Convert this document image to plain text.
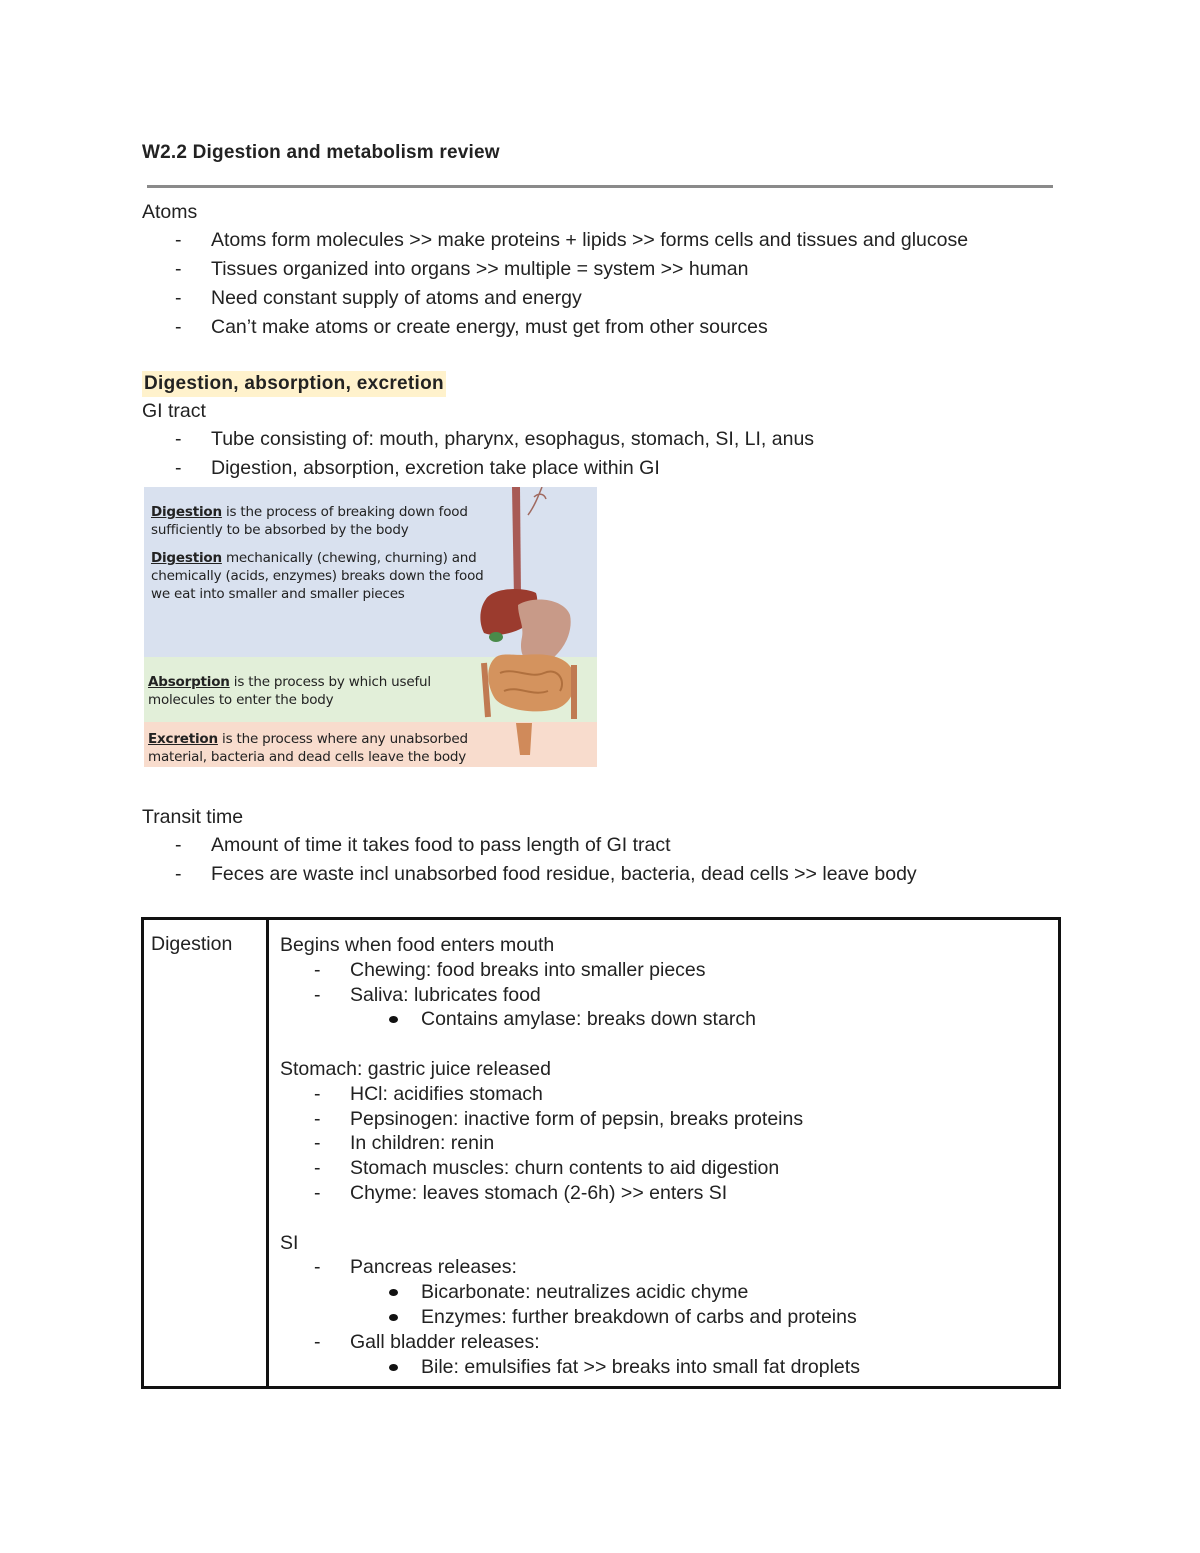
W2.2 Digestion and metabolism review
Atoms
- Atoms form molecules >> make proteins + lipids >> forms cells and tissues and glucose
- Tissues organized into organs >> multiple = system >> human
- Need constant supply of atoms and energy
- Can’t make atoms or create energy, must get from other sources
Digestion, absorption, excretion
GI tract
- Tube consisting of: mouth, pharynx, esophagus, stomach, SI, LI, anus
- Digestion, absorption, excretion take place within GI
Digestion is the process of breaking down food
sufficiently to be absorbed by the body
Digestion mechanically (chewing, churning) and
chemically (acids, enzymes) breaks down the food
we eat into smaller and smaller pieces
Absorption is the process by which useful
molecules to enter the body
Excretion is the process where any unabsorbed
material, bacteria and dead cells leave the body
Transit time
- Amount of time it takes food to pass length of GI tract
- Feces are waste incl unabsorbed food residue, bacteria, dead cells >> leave body
Digestion Begins when food enters mouth
- Chewing: food breaks into smaller pieces
- Saliva: lubricates food
Contains amylase: breaks down starch
Stomach: gastric juice released
- HCl: acidifies stomach
- Pepsinogen: inactive form of pepsin, breaks proteins
- In children: renin
- Stomach muscles: churn contents to aid digestion
- Chyme: leaves stomach (2-6h) >> enters SI
SI
- Pancreas releases:
Bicarbonate: neutralizes acidic chyme
Enzymes: further breakdown of carbs and proteins
- Gall bladder releases:
Bile: emulsifies fat >> breaks into small fat droplets
